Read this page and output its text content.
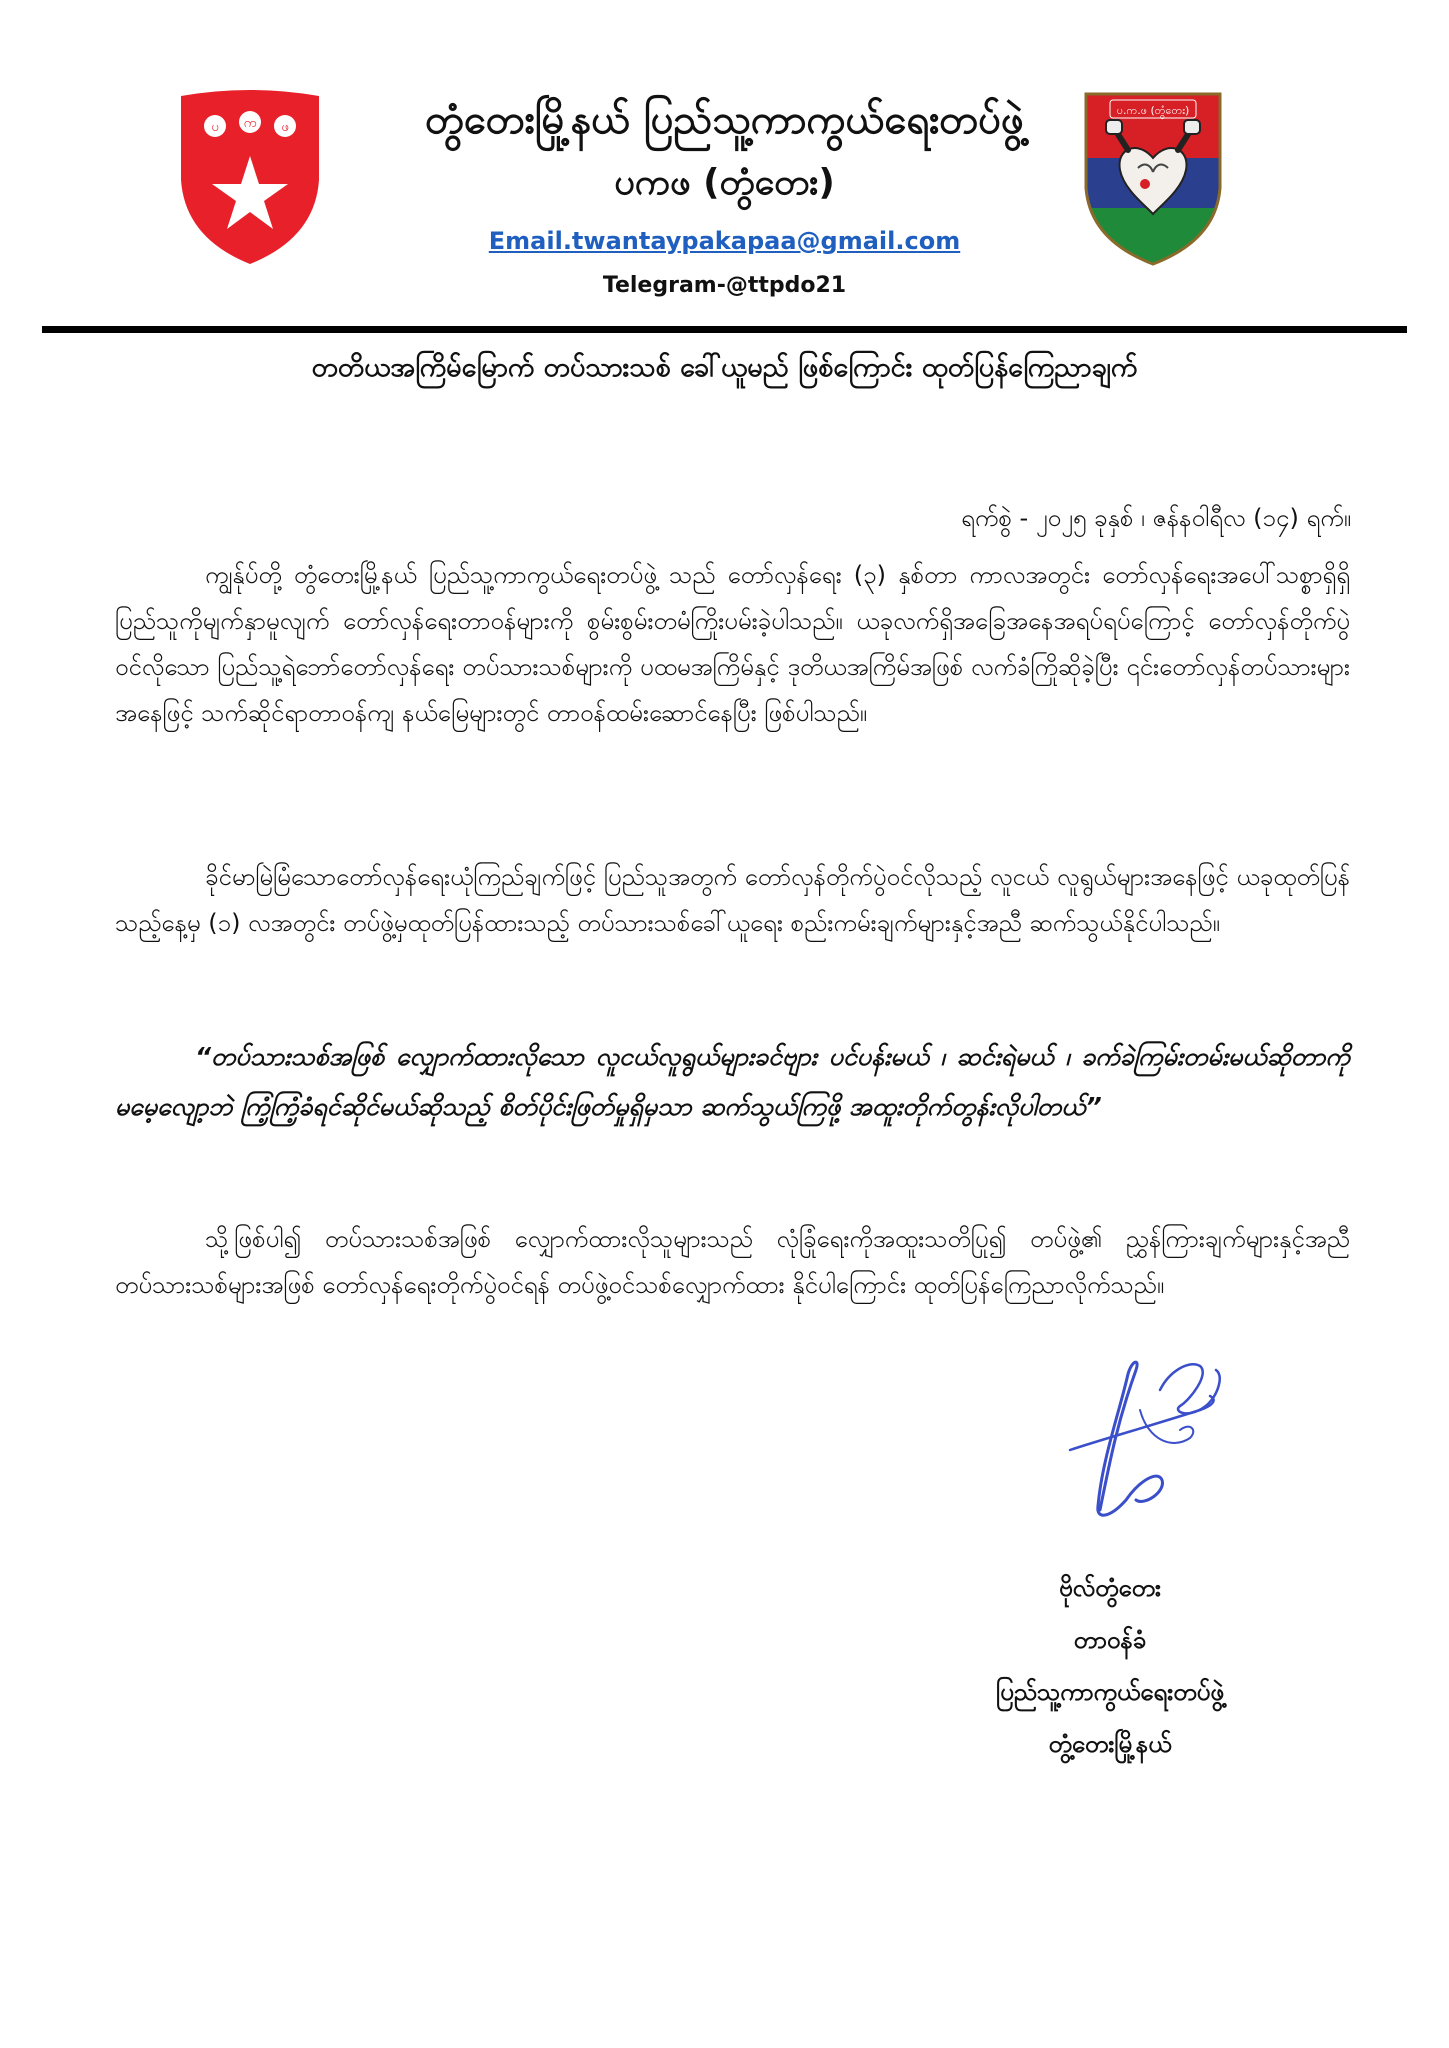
ပ က ဖ	တွံတေးမြို့နယ် ပြည်သူ့ကာကွယ်ရေးတပ်ဖွဲ့
ပကဖ (တွံတေး)
Email.twantaypakapaa@gmail.com
Telegram-@ttpdo21
ပ.က.ဖ (တွံတေး)
တတိယအကြိမ်မြောက် တပ်သားသစ် ခေါ်ယူမည် ဖြစ်ကြောင်း ထုတ်ပြန်ကြေညာချက်
ရက်စွဲ - ၂၀၂၅ ခုနှစ် ၊ ဇန်နဝါရီလ (၁၄) ရက်။

ကျွန်ုပ်တို့ တွံတေးမြို့နယ် ပြည်သူ့ကာကွယ်ရေးတပ်ဖွဲ့ သည် တော်လှန်ရေး (၃) နှစ်တာ ကာလအတွင်း တော်လှန်ရေးအပေါ်သစ္စာရှိရှိ ပြည်သူကိုမျက်နှာမူလျက် တော်လှန်ရေးတာဝန်များကို စွမ်းစွမ်းတမံကြိုးပမ်းခဲ့ပါသည်။ ယခုလက်ရှိအခြေအနေအရပ်ရပ်ကြောင့် တော်လှန်တိုက်ပွဲဝင်လိုသော ပြည်သူ့ရဲဘော်တော်လှန်ရေး တပ်သားသစ်များကို ပထမအကြိမ်နှင့် ဒုတိယအကြိမ်အဖြစ် လက်ခံကြိုဆိုခဲ့ပြီး ၎င်းတော်လှန်တပ်သားများအနေဖြင့် သက်ဆိုင်ရာတာဝန်ကျ နယ်မြေများတွင် တာဝန်ထမ်းဆောင်နေပြီး ဖြစ်ပါသည်။

ခိုင်မာမြဲမြံသောတော်လှန်ရေးယုံကြည်ချက်ဖြင့် ပြည်သူအတွက် တော်လှန်တိုက်ပွဲဝင်လိုသည့် လူငယ် လူရွယ်များအနေဖြင့် ယခုထုတ်ပြန်သည့်နေ့မှ (၁) လအတွင်း တပ်ဖွဲ့မှထုတ်ပြန်ထားသည့် တပ်သားသစ်ခေါ်ယူရေး စည်းကမ်းချက်များနှင့်အညီ ဆက်သွယ်နိုင်ပါသည်။

“တပ်သားသစ်အဖြစ် လျှောက်ထားလိုသော လူငယ်လူရွယ်များခင်ဗျား ပင်ပန်းမယ် ၊ ဆင်းရဲမယ် ၊ ခက်ခဲကြမ်းတမ်းမယ်ဆိုတာကို မမေ့လျော့ဘဲ ကြံ့ကြံ့ခံရင်ဆိုင်မယ်ဆိုသည့် စိတ်ပိုင်းဖြတ်မှုရှိမှသာ ဆက်သွယ်ကြဖို့ အထူးတိုက်တွန်းလိုပါတယ်”

သို့ဖြစ်ပါ၍ တပ်သားသစ်အဖြစ် လျှောက်ထားလိုသူများသည် လုံခြုံရေးကိုအထူးသတိပြု၍ တပ်ဖွဲ့၏ ညွှန်ကြားချက်များနှင့်အညီ တပ်သားသစ်များအဖြစ် တော်လှန်ရေးတိုက်ပွဲဝင်ရန် တပ်ဖွဲ့ဝင်သစ်လျှောက်ထား နိုင်ပါကြောင်း ထုတ်ပြန်ကြေညာလိုက်သည်။

ဗိုလ်တွံတေး
တာဝန်ခံ
ပြည်သူ့ကာကွယ်ရေးတပ်ဖွဲ့
တွံ့တေးမြို့နယ်
